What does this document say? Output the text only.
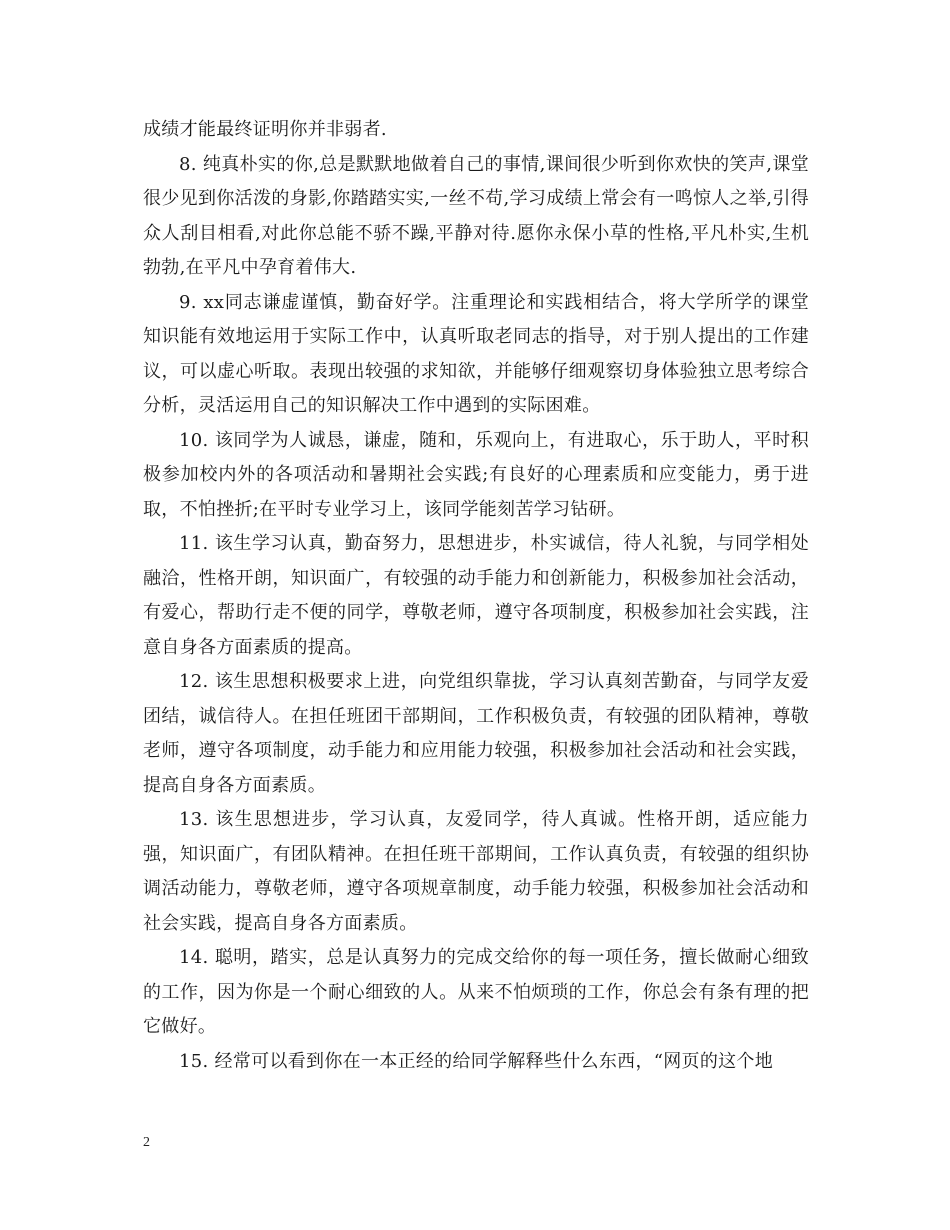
成绩才能最终证明你并非弱者.

8. 纯真朴实的你,总是默默地做着自己的事情,课间很少听到你欢快的笑声,课堂很少见到你活泼的身影,你踏踏实实,一丝不苟,学习成绩上常会有一鸣惊人之举,引得众人刮目相看,对此你总能不骄不躁,平静对待.愿你永保小草的性格,平凡朴实,生机勃勃,在平凡中孕育着伟大.

9. xx同志谦虚谨慎，勤奋好学。注重理论和实践相结合，将大学所学的课堂知识能有效地运用于实际工作中，认真听取老同志的指导，对于别人提出的工作建议，可以虚心听取。表现出较强的求知欲，并能够仔细观察切身体验独立思考综合分析，灵活运用自己的知识解决工作中遇到的实际困难。

10. 该同学为人诚恳，谦虚，随和，乐观向上，有进取心，乐于助人，平时积极参加校内外的各项活动和暑期社会实践;有良好的心理素质和应变能力，勇于进取，不怕挫折;在平时专业学习上，该同学能刻苦学习钻研。

11. 该生学习认真，勤奋努力，思想进步，朴实诚信，待人礼貌，与同学相处融洽，性格开朗，知识面广，有较强的动手能力和创新能力，积极参加社会活动，有爱心，帮助行走不便的同学，尊敬老师，遵守各项制度，积极参加社会实践，注意自身各方面素质的提高。

12. 该生思想积极要求上进，向党组织靠拢，学习认真刻苦勤奋，与同学友爱团结，诚信待人。在担任班团干部期间，工作积极负责，有较强的团队精神，尊敬老师，遵守各项制度，动手能力和应用能力较强，积极参加社会活动和社会实践，提高自身各方面素质。

13. 该生思想进步，学习认真，友爱同学，待人真诚。性格开朗，适应能力强，知识面广，有团队精神。在担任班干部期间，工作认真负责，有较强的组织协调活动能力，尊敬老师，遵守各项规章制度，动手能力较强，积极参加社会活动和社会实践，提高自身各方面素质。

14. 聪明，踏实，总是认真努力的完成交给你的每一项任务，擅长做耐心细致的工作，因为你是一个耐心细致的人。从来不怕烦琐的工作，你总会有条有理的把它做好。

15. 经常可以看到你在一本正经的给同学解释些什么东西，“网页的这个地

2
